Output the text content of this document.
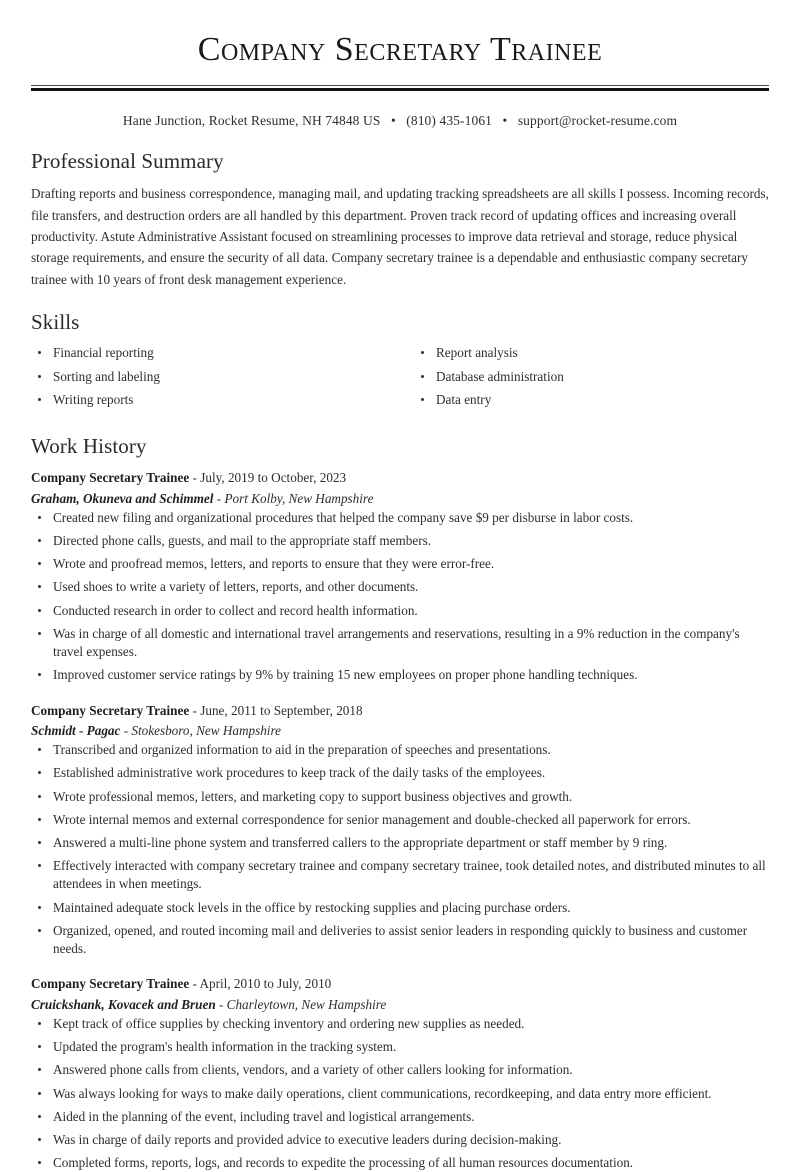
Company Secretary Trainee
Hane Junction, Rocket Resume, NH 74848 US • (810) 435-1061 • support@rocket-resume.com
Professional Summary

Drafting reports and business correspondence, managing mail, and updating tracking spreadsheets are all skills I possess. Incoming records, file transfers, and destruction orders are all handled by this department. Proven track record of updating offices and increasing overall productivity. Astute Administrative Assistant focused on streamlining processes to improve data retrieval and storage, reduce physical storage requirements, and ensure the security of all data. Company secretary trainee is a dependable and enthusiastic company secretary trainee with 10 years of front desk management experience.

Skills
Financial reporting
Sorting and labeling
Writing reports
Report analysis
Database administration
Data entry
Work History
Company Secretary Trainee - July, 2019 to October, 2023
Graham, Okuneva and Schimmel - Port Kolby, New Hampshire
Created new filing and organizational procedures that helped the company save $9 per disburse in labor costs.
Directed phone calls, guests, and mail to the appropriate staff members.
Wrote and proofread memos, letters, and reports to ensure that they were error-free.
Used shoes to write a variety of letters, reports, and other documents.
Conducted research in order to collect and record health information.
Was in charge of all domestic and international travel arrangements and reservations, resulting in a 9% reduction in the company's travel expenses.
Improved customer service ratings by 9% by training 15 new employees on proper phone handling techniques.
Company Secretary Trainee - June, 2011 to September, 2018
Schmidt - Pagac - Stokesboro, New Hampshire
Transcribed and organized information to aid in the preparation of speeches and presentations.
Established administrative work procedures to keep track of the daily tasks of the employees.
Wrote professional memos, letters, and marketing copy to support business objectives and growth.
Wrote internal memos and external correspondence for senior management and double-checked all paperwork for errors.
Answered a multi-line phone system and transferred callers to the appropriate department or staff member by 9 ring.
Effectively interacted with company secretary trainee and company secretary trainee, took detailed notes, and distributed minutes to all attendees in when meetings.
Maintained adequate stock levels in the office by restocking supplies and placing purchase orders.
Organized, opened, and routed incoming mail and deliveries to assist senior leaders in responding quickly to business and customer needs.
Company Secretary Trainee - April, 2010 to July, 2010
Cruickshank, Kovacek and Bruen - Charleytown, New Hampshire
Kept track of office supplies by checking inventory and ordering new supplies as needed.
Updated the program's health information in the tracking system.
Answered phone calls from clients, vendors, and a variety of other callers looking for information.
Was always looking for ways to make daily operations, client communications, recordkeeping, and data entry more efficient.
Aided in the planning of the event, including travel and logistical arrangements.
Was in charge of daily reports and provided advice to executive leaders during decision-making.
Completed forms, reports, logs, and records to expedite the processing of all human resources documentation.
